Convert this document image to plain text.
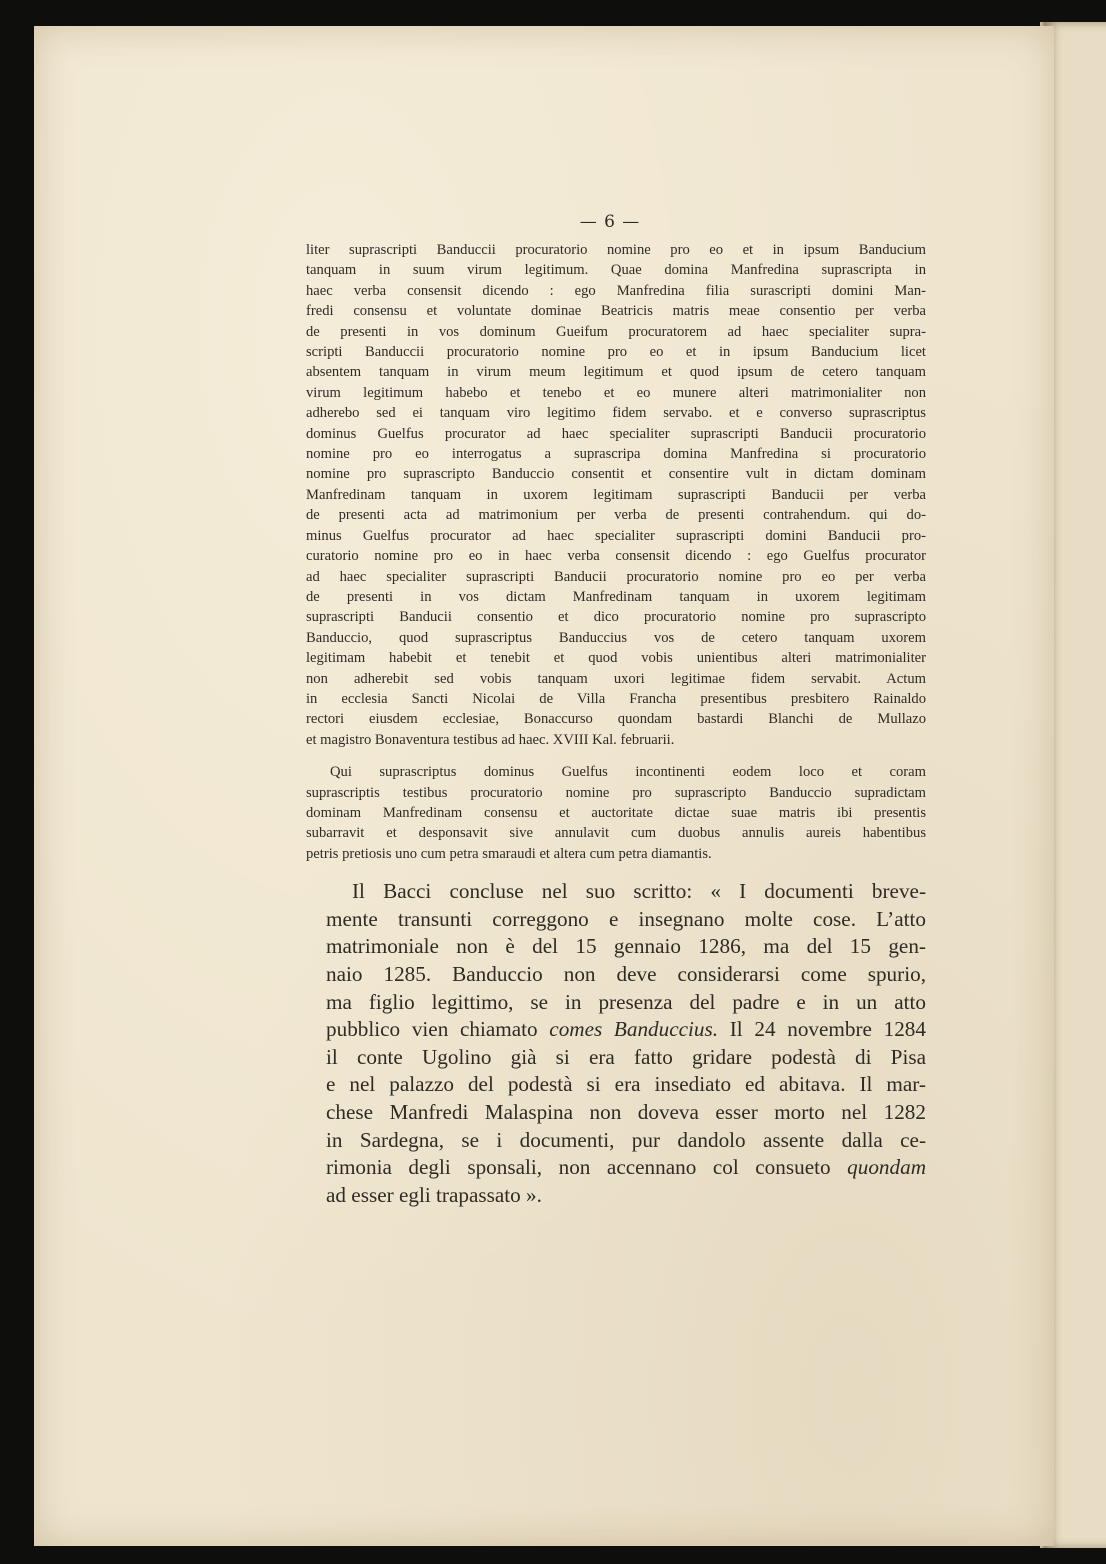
— 6 —
liter suprascripti Banduccii procuratorio nomine pro eo et in ipsum Banducium
tanquam in suum virum legitimum. Quae domina Manfredina suprascripta in
haec verba consensit dicendo : ego Manfredina filia surascripti domini Man-
fredi consensu et voluntate dominae Beatricis matris meae consentio per verba
de presenti in vos dominum Gueifum procuratorem ad haec specialiter supra-
scripti Banduccii procuratorio nomine pro eo et in ipsum Banducium licet
absentem tanquam in virum meum legitimum et quod ipsum de cetero tanquam
virum legitimum habebo et tenebo et eo munere alteri matrimonialiter non
adherebo sed ei tanquam viro legitimo fidem servabo. et e converso suprascriptus
dominus Guelfus procurator ad haec specialiter suprascripti Banducii procuratorio
nomine pro eo interrogatus a suprascripa domina Manfredina si procuratorio
nomine pro suprascripto Banduccio consentit et consentire vult in dictam dominam
Manfredinam tanquam in uxorem legitimam suprascripti Banducii per verba
de presenti acta ad matrimonium per verba de presenti contrahendum. qui do-
minus Guelfus procurator ad haec specialiter suprascripti domini Banducii pro-
curatorio nomine pro eo in haec verba consensit dicendo : ego Guelfus procurator
ad haec specialiter suprascripti Banducii procuratorio nomine pro eo per verba
de presenti in vos dictam Manfredinam tanquam in uxorem legitimam
suprascripti Banducii consentio et dico procuratorio nomine pro suprascripto
Banduccio, quod suprascriptus Banduccius vos de cetero tanquam uxorem
legitimam habebit et tenebit et quod vobis unientibus alteri matrimonialiter
non adherebit sed vobis tanquam uxori legitimae fidem servabit. Actum
in ecclesia Sancti Nicolai de Villa Francha presentibus presbitero Rainaldo
rectori eiusdem ecclesiae, Bonaccurso quondam bastardi Blanchi de Mullazo
et magistro Bonaventura testibus ad haec. XVIII Kal. februarii.
Qui suprascriptus dominus Guelfus incontinenti eodem loco et coram
suprascriptis testibus procuratorio nomine pro suprascripto Banduccio supradictam
dominam Manfredinam consensu et auctoritate dictae suae matris ibi presentis
subarravit et desponsavit sive annulavit cum duobus annulis aureis habentibus
petris pretiosis uno cum petra smaraudi et altera cum petra diamantis.
Il Bacci concluse nel suo scritto: « I documenti breve-
mente transunti correggono e insegnano molte cose. L’atto
matrimoniale non è del 15 gennaio 1286, ma del 15 gen-
naio 1285. Banduccio non deve considerarsi come spurio,
ma figlio legittimo, se in presenza del padre e in un atto
pubblico vien chiamato comes Banduccius. Il 24 novembre 1284
il conte Ugolino già si era fatto gridare podestà di Pisa
e nel palazzo del podestà si era insediato ed abitava. Il mar-
chese Manfredi Malaspina non doveva esser morto nel 1282
in Sardegna, se i documenti, pur dandolo assente dalla ce-
rimonia degli sponsali, non accennano col consueto quondam
ad esser egli trapassato ».
